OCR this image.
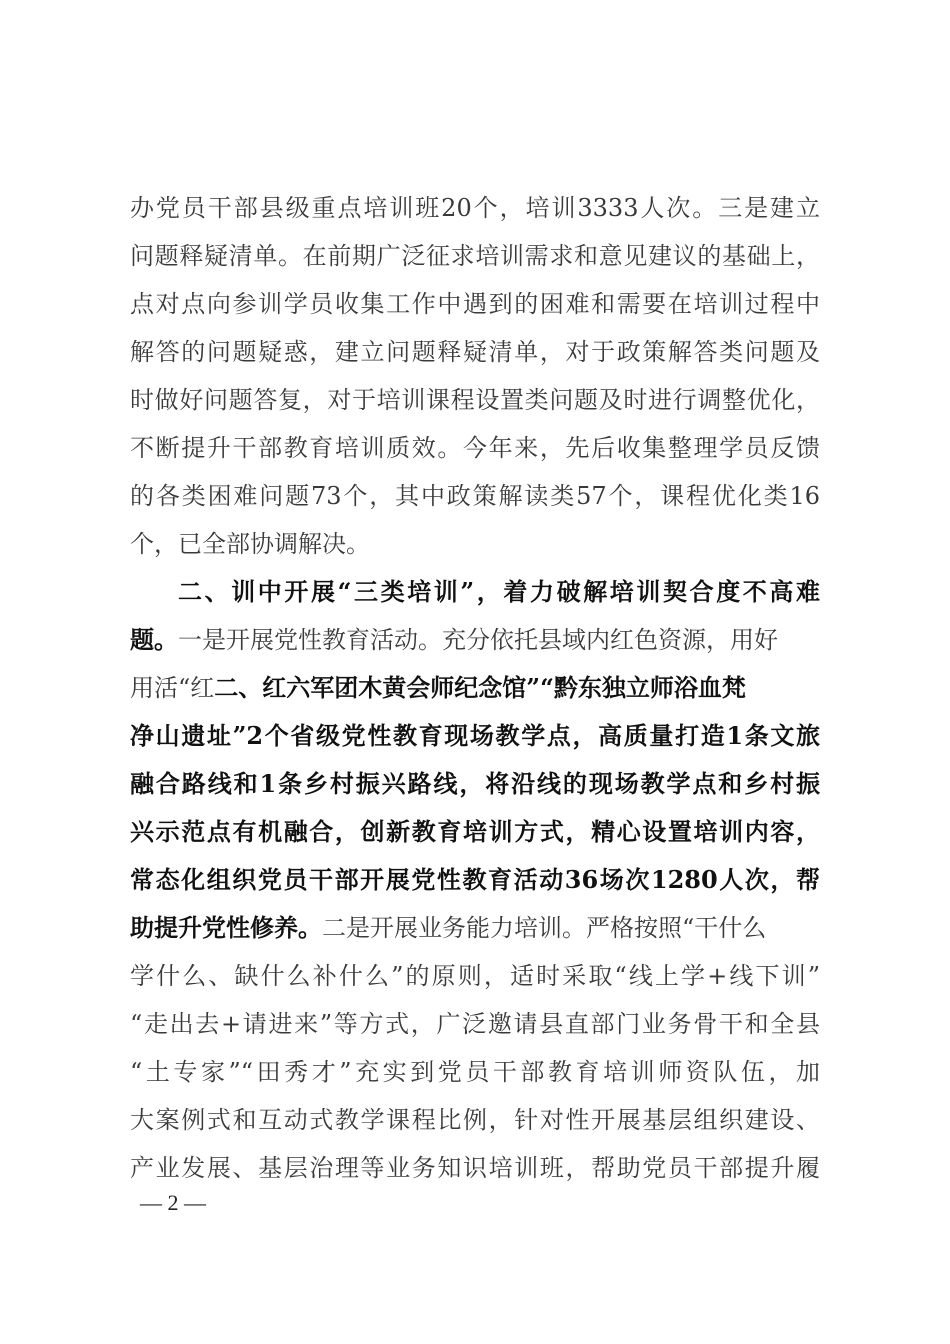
办党员干部县级重点培训班20个，培训3333人次。三是建立
问题释疑清单。在前期广泛征求培训需求和意见建议的基础上，
点对点向参训学员收集工作中遇到的困难和需要在培训过程中
解答的问题疑惑，建立问题释疑清单，对于政策解答类问题及
时做好问题答复，对于培训课程设置类问题及时进行调整优化，
不断提升干部教育培训质效。今年来，先后收集整理学员反馈
的各类困难问题73个，其中政策解读类57个，课程优化类16
个，已全部协调解决。
二、训中开展“三类培训”，着力破解培训契合度不高难
题。一是开展党性教育活动。充分依托县域内红色资源，用好
用活“红二、红六军团木黄会师纪念馆”“黔东独立师浴血梵
净山遗址”2个省级党性教育现场教学点，高质量打造1条文旅
融合路线和1条乡村振兴路线，将沿线的现场教学点和乡村振
兴示范点有机融合，创新教育培训方式，精心设置培训内容，
常态化组织党员干部开展党性教育活动36场次1280人次，帮
助提升党性修养。二是开展业务能力培训。严格按照“干什么
学什么、缺什么补什么”的原则，适时采取“线上学+线下训”
“走出去+请进来”等方式，广泛邀请县直部门业务骨干和全县
“土专家”“田秀才”充实到党员干部教育培训师资队伍，加
大案例式和互动式教学课程比例，针对性开展基层组织建设、
产业发展、基层治理等业务知识培训班，帮助党员干部提升履
— 2 —
